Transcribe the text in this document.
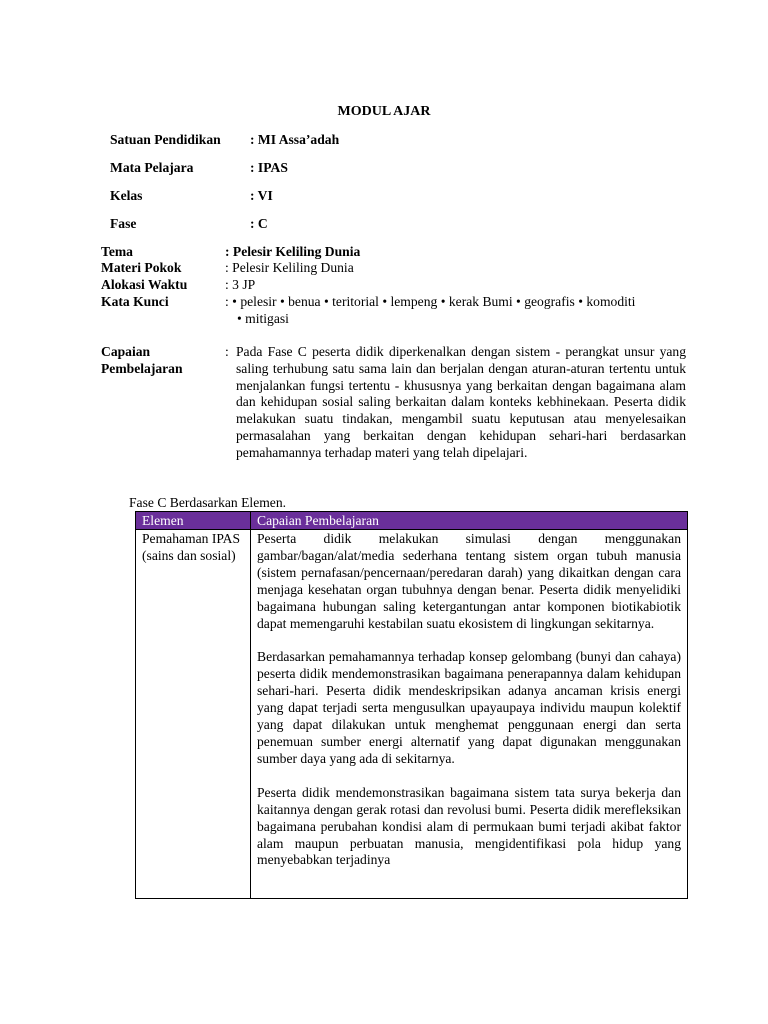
MODUL AJAR
Satuan Pendidikan : MI Assa’adah
Mata Pelajara	: IPAS
Kelas	: VI
Fase	: C
Tema	: Pelesir Keliling Dunia
Materi Pokok	: Pelesir Keliling Dunia
Alokasi Waktu	: 3 JP
Kata Kunci	: • pelesir • benua • teritorial • lempeng • kerak Bumi • geografis • komoditi
• mitigasi
Capaian
Pembelajaran
: Pada Fase C peserta didik diperkenalkan dengan sistem - perangkat unsur yang saling terhubung satu sama lain dan berjalan dengan aturan-aturan tertentu untuk menjalankan fungsi tertentu - khususnya yang berkaitan dengan bagaimana alam dan kehidupan sosial saling berkaitan dalam konteks kebhinekaan. Peserta didik melakukan suatu tindakan, mengambil suatu keputusan atau menyelesaikan permasalahan yang berkaitan dengan kehidupan sehari-hari berdasarkan pemahamannya terhadap materi yang telah dipelajari.
Fase C Berdasarkan Elemen.
Elemen	Capaian Pembelajaran
Pemahaman IPAS (sains dan sosial)	Peserta didik melakukan simulasi dengan menggunakan gambar/bagan/alat/media sederhana tentang sistem organ tubuh manusia (sistem pernafasan/pencernaan/peredaran darah) yang dikaitkan dengan cara menjaga kesehatan organ tubuhnya dengan benar. Peserta didik menyelidiki bagaimana hubungan saling ketergantungan antar komponen biotikabiotik dapat memengaruhi kestabilan suatu ekosistem di lingkungan sekitarnya.

Berdasarkan pemahamannya terhadap konsep gelombang (bunyi dan cahaya) peserta didik mendemonstrasikan bagaimana penerapannya dalam kehidupan sehari-hari. Peserta didik mendeskripsikan adanya ancaman krisis energi yang dapat terjadi serta mengusulkan upayaupaya individu maupun kolektif yang dapat dilakukan untuk menghemat penggunaan energi dan serta penemuan sumber energi alternatif yang dapat digunakan menggunakan sumber daya yang ada di sekitarnya.

Peserta didik mendemonstrasikan bagaimana sistem tata surya bekerja dan kaitannya dengan gerak rotasi dan revolusi bumi. Peserta didik merefleksikan bagaimana perubahan kondisi alam di permukaan bumi terjadi akibat faktor alam maupun perbuatan manusia, mengidentifikasi pola hidup yang menyebabkan terjadinya
